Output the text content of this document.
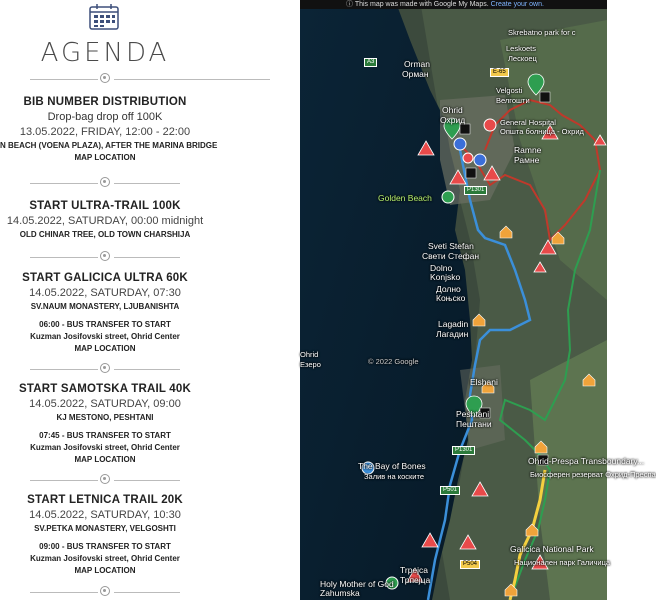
AGENDA
BIB NUMBER DISTRIBUTION
Drop-bag drop off 100K
13.05.2022, FRIDAY, 12:00 - 22:00
N BEACH (VOENA PLAZA), AFTER THE MARINA BRIDGE
MAP LOCATION
START ULTRA-TRAIL 100K
14.05.2022, SATURDAY, 00:00 midnight
OLD CHINAR TREE, OLD TOWN CHARSHIJA
START GALICICA ULTRA 60K
14.05.2022, SATURDAY, 07:30
SV.NAUM MONASTERY, LJUBANISHTA
06:00 - BUS TRANSFER TO START
Kuzman Josifovski street, Ohrid Center
MAP LOCATION
START SAMOTSKA TRAIL 40K
14.05.2022, SATURDAY, 09:00
KJ MESTONO, PESHTANI
07:45 - BUS TRANSFER TO START
Kuzman Josifovski street, Ohrid Center
MAP LOCATION
START LETNICA TRAIL 20K
14.05.2022, SATURDAY, 10:30
SV.PETKA MONASTERY, VELGOSHTI
09:00 - BUS TRANSFER TO START
Kuzman Josifovski street, Ohrid Center
MAP LOCATION
ⓘ This map was made with Google My Maps. Create your own.
Skrebatno park for c
Leskoets
Лескоец
Orman
Орман
Velgosti
Велгошти
Ohrid
Охрид	General Hospital
Општа болница - Охрид
Ramne
Рамне
Golden Beach
Sveti Stefan
Свети Стефан
Dolno Konjsko
Долно Коњско
Lagadin
Лагадин
Ohrid
Езеро	© 2022 Google
Elshani
Peshtani
Пештани
The Bay of Bones
Залив на коските
Ohrid-Prespa Transboundary...
Биосферен резерват Охрид-Преспа
Galicica National Park
Национален парк Галичица
Trpejca
Трпејца
Holy Mother of God Zahumska
A3
E-65
P1301
P1301
P501
P504
